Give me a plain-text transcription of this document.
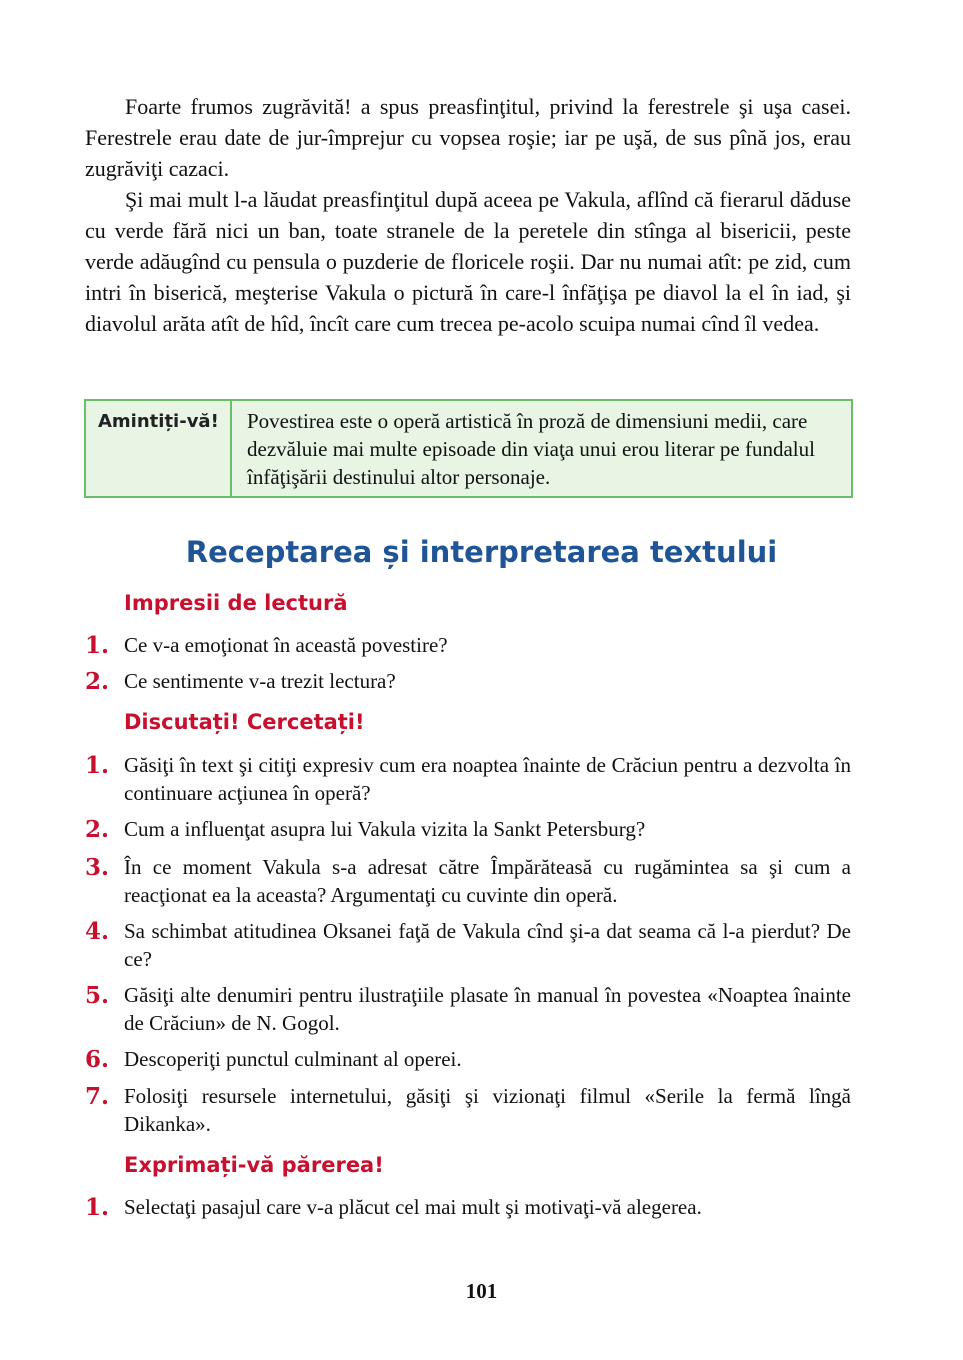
Foarte frumos zugrăvită! a spus preasfinţitul, privind la ferestrele şi uşa casei. Ferestrele erau date de jur-împrejur cu vopsea roşie; iar pe uşă, de sus pînă jos, erau zugrăviţi cazaci.

Şi mai mult l-a lăudat preasfinţitul după aceea pe Vakula, aflînd că fierarul dăduse cu verde fără nici un ban, toate stranele de la peretele din stînga al bisericii, peste verde adăugînd cu pensula o puzderie de floricele roşii. Dar nu numai atît: pe zid, cum intri în biserică, meşterise Vakula o pictură în care-l înfăţişa pe diavol la el în iad, şi diavolul arăta atît de hîd, încît care cum trecea pe-acolo scuipa numai cînd îl vedea.

Amintiți-vă!	Povestirea este o operă artistică în proză de dimensiuni medii, care dezvăluie mai multe episoade din viaţa unui erou literar pe fundalul înfăţişării destinului altor personaje.

Receptarea și interpretarea textului
Impresii de lectură
1. Ce v-a emoţionat în această povestire?
2. Ce sentimente v-a trezit lectura?
Discutați! Cercetați!
1. Găsiţi în text şi citiţi expresiv cum era noaptea înainte de Crăciun pentru a dezvolta în continuare acţiunea în operă?
2. Cum a influenţat asupra lui Vakula vizita la Sankt Petersburg?
3. În ce moment Vakula s-a adresat către Împărăteasă cu rugămintea sa şi cum a reacţionat ea la aceasta? Argumentaţi cu cuvinte din operă.
4. Sa schimbat atitudinea Oksanei faţă de Vakula cînd şi-a dat seama că l-a pierdut? De ce?
5. Găsiţi alte denumiri pentru ilustraţiile plasate în manual în povestea «Noaptea înainte de Crăciun» de N. Gogol.
6. Descoperiţi punctul culminant al operei.
7. Folosiţi resursele internetului, găsiţi şi vizionaţi filmul «Serile la fermă lîngă Dikanka».
Exprimați-vă părerea!
1. Selectaţi pasajul care v-a plăcut cel mai mult şi motivaţi-vă alegerea.

101
